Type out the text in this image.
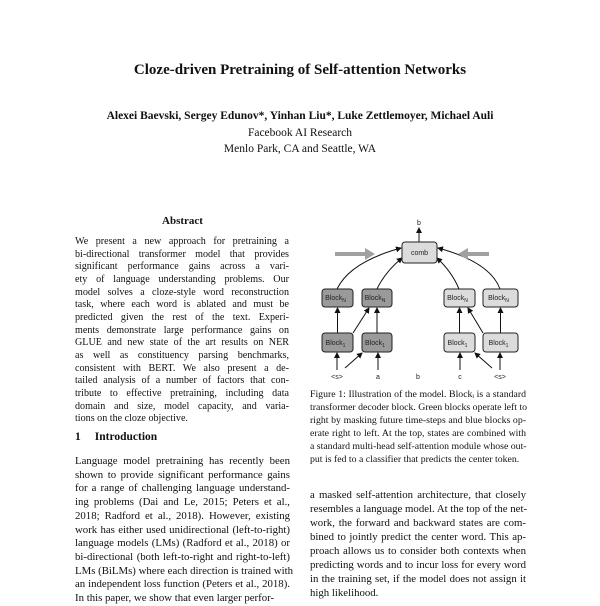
Cloze-driven Pretraining of Self-attention Networks
Alexei Baevski, Sergey Edunov*, Yinhan Liu*, Luke Zettlemoyer, Michael Auli
Facebook AI Research
Menlo Park, CA and Seattle, WA
Abstract
We present a new approach for pretraining a
bi-directional transformer model that provides
significant performance gains across a vari-
ety of language understanding problems. Our
model solves a cloze-style word reconstruction
task, where each word is ablated and must be
predicted given the rest of the text. Experi-
ments demonstrate large performance gains on
GLUE and new state of the art results on NER
as well as constituency parsing benchmarks,
consistent with BERT. We also present a de-
tailed analysis of a number of factors that con-
tribute to effective pretraining, including data
domain and size, model capacity, and varia-
tions on the cloze objective.
1 Introduction
Language model pretraining has recently been
shown to provide significant performance gains
for a range of challenging language understand-
ing problems (Dai and Le, 2015; Peters et al.,
2018; Radford et al., 2018). However, existing
work has either used unidirectional (left-to-right)
language models (LMs) (Radford et al., 2018) or
bi-directional (both left-to-right and right-to-left)
LMs (BiLMs) where each direction is trained with
an independent loss function (Peters et al., 2018).
In this paper, we show that even larger perfor-
comb
Block$_N$
Block$_1$
Block$_N$
Block$_1$
Block$_N$
Block$_1$
Block$_N$
Block$_1$
b
<s>	a	b	c	<s>
Figure 1: Illustration of the model. Blockᵢ is a standard
transformer decoder block. Green blocks operate left to
right by masking future time-steps and blue blocks op-
erate right to left. At the top, states are combined with
a standard multi-head self-attention module whose out-
put is fed to a classifier that predicts the center token.
a masked self-attention architecture, that closely
resembles a language model. At the top of the net-
work, the forward and backward states are com-
bined to jointly predict the center word. This ap-
proach allows us to consider both contexts when
predicting words and to incur loss for every word
in the training set, if the model does not assign it
high likelihood.
